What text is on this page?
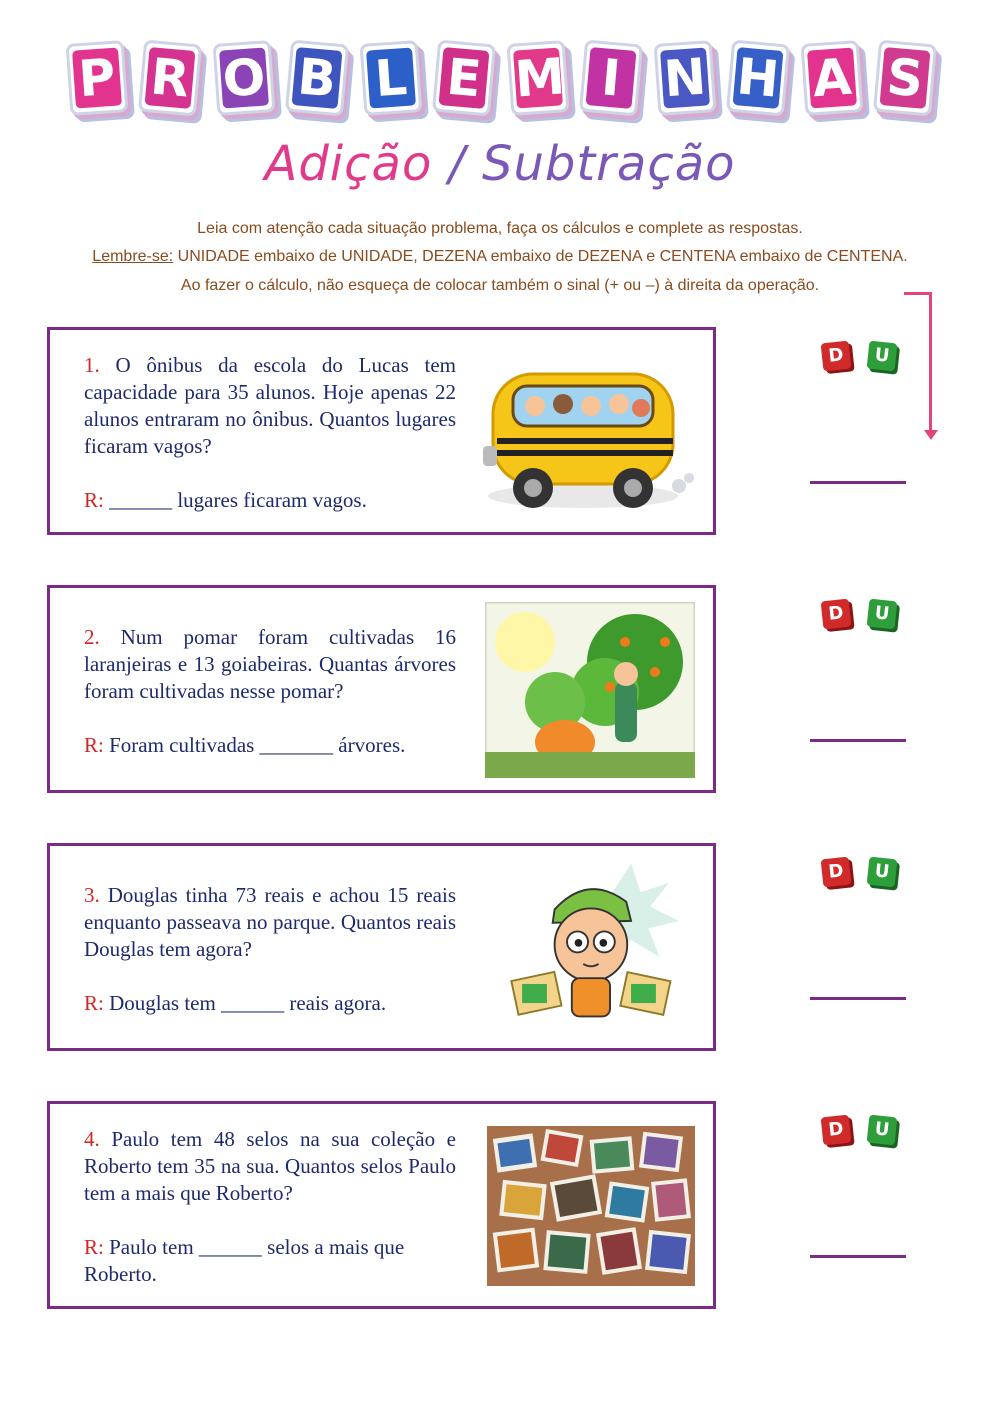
P R O B L E M I N H A S
Adição / Subtração
Leia com atenção cada situação problema, faça os cálculos e complete as respostas.
Lembre-se: UNIDADE embaixo de UNIDADE, DEZENA embaixo de DEZENA e CENTENA embaixo de CENTENA.
Ao fazer o cálculo, não esqueça de colocar também o sinal (+ ou –) à direita da operação.
1. O ônibus da escola do Lucas tem capacidade para 35 alunos. Hoje apenas 22 alunos entraram no ônibus. Quantos lugares ficaram vagos?
R: ______ lugares ficaram vagos.
D	U
2. Num pomar foram cultivadas 16 laranjeiras e 13 goiabeiras. Quantas árvores foram cultivadas nesse pomar?
R: Foram cultivadas _______ árvores.
D	U
3. Douglas tinha 73 reais e achou 15 reais enquanto passeava no parque. Quantos reais Douglas tem agora?
R: Douglas tem ______ reais agora.
D	U
4. Paulo tem 48 selos na sua coleção e Roberto tem 35 na sua. Quantos selos Paulo tem a mais que Roberto?
R: Paulo tem ______ selos a mais que Roberto.
D	U
